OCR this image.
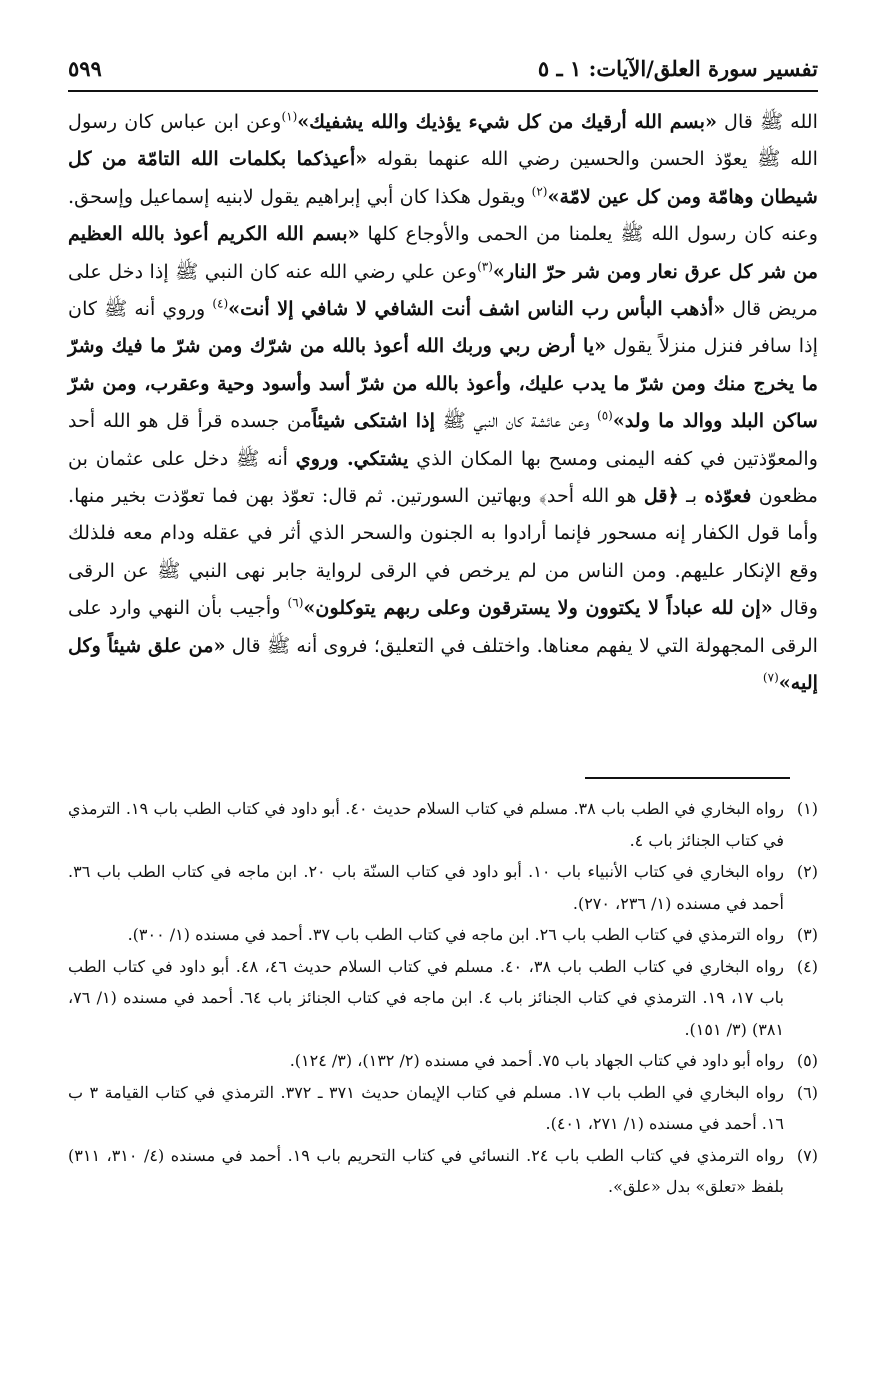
تفسير سورة العلق/الآيات: ١ ـ ٥
٥٩٩
الله ﷺ قال «بسم الله أرقيك من كل شيء يؤذيك والله يشفيك»$^{(١)}$وعن ابن عباس كان رسول الله ﷺ يعوّذ الحسن والحسين رضي الله عنهما بقوله «أعيذكما بكلمات الله التامّة من كل شيطان وهامّة ومن كل عين لامّة»$^{(٢)}$ ويقول هكذا كان أبي إبراهيم يقول لابنيه إسماعيل وإسحق. وعنه كان رسول الله ﷺ يعلمنا من الحمى والأوجاع كلها «بسم الله الكريم أعوذ بالله العظيم من شر كل عرق نعار ومن شر حرّ النار»$^{(٣)}$وعن علي رضي الله عنه كان النبي ﷺ إذا دخل على مريض قال «أذهب البأس رب الناس اشف أنت الشافي لا شافي إلا أنت»$^{(٤)}$ وروي أنه ﷺ كان إذا سافر فنزل منزلاً يقول «يا أرض ربي وربك الله أعوذ بالله من شرّك ومن شرّ ما فيك وشرّ ما يخرج منك ومن شرّ ما يدب عليك، وأعوذ بالله من شرّ أسد وأسود وحية وعقرب، ومن شرّ ساكن البلد ووالد ما ولد»$^{(٥)}$ وعن عائشة كان النبي ﷺ إذا اشتكى شيئاًمن جسده قرأ قل هو الله أحد والمعوّذتين في كفه اليمنى ومسح بها المكان الذي يشتكي. وروي أنه ﷺ دخل على عثمان بن مظعون فعوّذه بـ ﴿قل هو الله أحد﴾ وبهاتين السورتين. ثم قال: تعوّذ بهن فما تعوّذت بخير منها. وأما قول الكفار إنه مسحور فإنما أرادوا به الجنون والسحر الذي أثر في عقله ودام معه فلذلك وقع الإنكار عليهم. ومن الناس من لم يرخص في الرقى لرواية جابر نهى النبي ﷺ عن الرقى وقال «إن لله عباداً لا يكتوون ولا يسترقون وعلى ربهم يتوكلون»$^{(٦)}$ وأجيب بأن النهي وارد على الرقى المجهولة التي لا يفهم معناها. واختلف في التعليق؛ فروى أنه ﷺ قال «من علق شيئاً وكل إليه»$^{(٧)}$

(١)
رواه البخاري في الطب باب ٣٨. مسلم في كتاب السلام حديث ٤٠. أبو داود في كتاب الطب باب ١٩. الترمذي في كتاب الجنائز باب ٤.

(٢)
رواه البخاري في كتاب الأنبياء باب ١٠. أبو داود في كتاب السنّة باب ٢٠. ابن ماجه في كتاب الطب باب ٣٦. أحمد في مسنده (١/ ٢٣٦، ٢٧٠).

(٣)
رواه الترمذي في كتاب الطب باب ٢٦. ابن ماجه في كتاب الطب باب ٣٧. أحمد في مسنده (١/ ٣٠٠).

(٤)
رواه البخاري في كتاب الطب باب ٣٨، ٤٠. مسلم في كتاب السلام حديث ٤٦، ٤٨. أبو داود في كتاب الطب باب ١٧، ١٩. الترمذي في كتاب الجنائز باب ٤. ابن ماجه في كتاب الجنائز باب ٦٤. أحمد في مسنده (١/ ٧٦، ٣٨١) (٣/ ١٥١).

(٥)
رواه أبو داود في كتاب الجهاد باب ٧٥. أحمد في مسنده (٢/ ١٣٢)، (٣/ ١٢٤).

(٦)
رواه البخاري في الطب باب ١٧. مسلم في كتاب الإيمان حديث ٣٧١ ـ ٣٧٢. الترمذي في كتاب القيامة ٣ ب ١٦. أحمد في مسنده (١/ ٢٧١، ٤٠١).

(٧)
رواه الترمذي في كتاب الطب باب ٢٤. النسائي في كتاب التحريم باب ١٩. أحمد في مسنده (٤/ ٣١٠، ٣١١) بلفظ «تعلق» بدل «علق».
